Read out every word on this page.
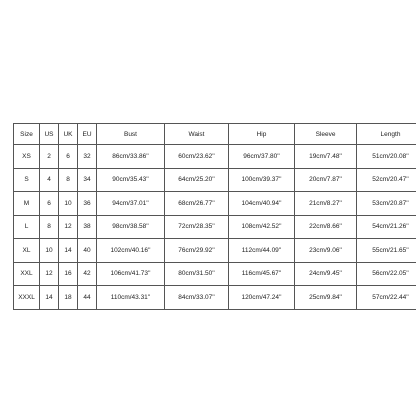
Size	US	UK	EU	Bust	Waist	Hip	Sleeve	Length
XS	2	6	32	86cm/33.86''	60cm/23.62''	96cm/37.80''	19cm/7.48''	51cm/20.08''
S	4	8	34	90cm/35.43''	64cm/25.20''	100cm/39.37''	20cm/7.87''	52cm/20.47''
M	6	10	36	94cm/37.01''	68cm/26.77''	104cm/40.94''	21cm/8.27''	53cm/20.87''
L	8	12	38	98cm/38.58''	72cm/28.35''	108cm/42.52''	22cm/8.66''	54cm/21.26''
XL	10	14	40	102cm/40.16''	76cm/29.92''	112cm/44.09''	23cm/9.06''	55cm/21.65''
XXL	12	16	42	106cm/41.73''	80cm/31.50''	116cm/45.67''	24cm/9.45''	56cm/22.05''
XXXL	14	18	44	110cm/43.31''	84cm/33.07''	120cm/47.24''	25cm/9.84''	57cm/22.44''
